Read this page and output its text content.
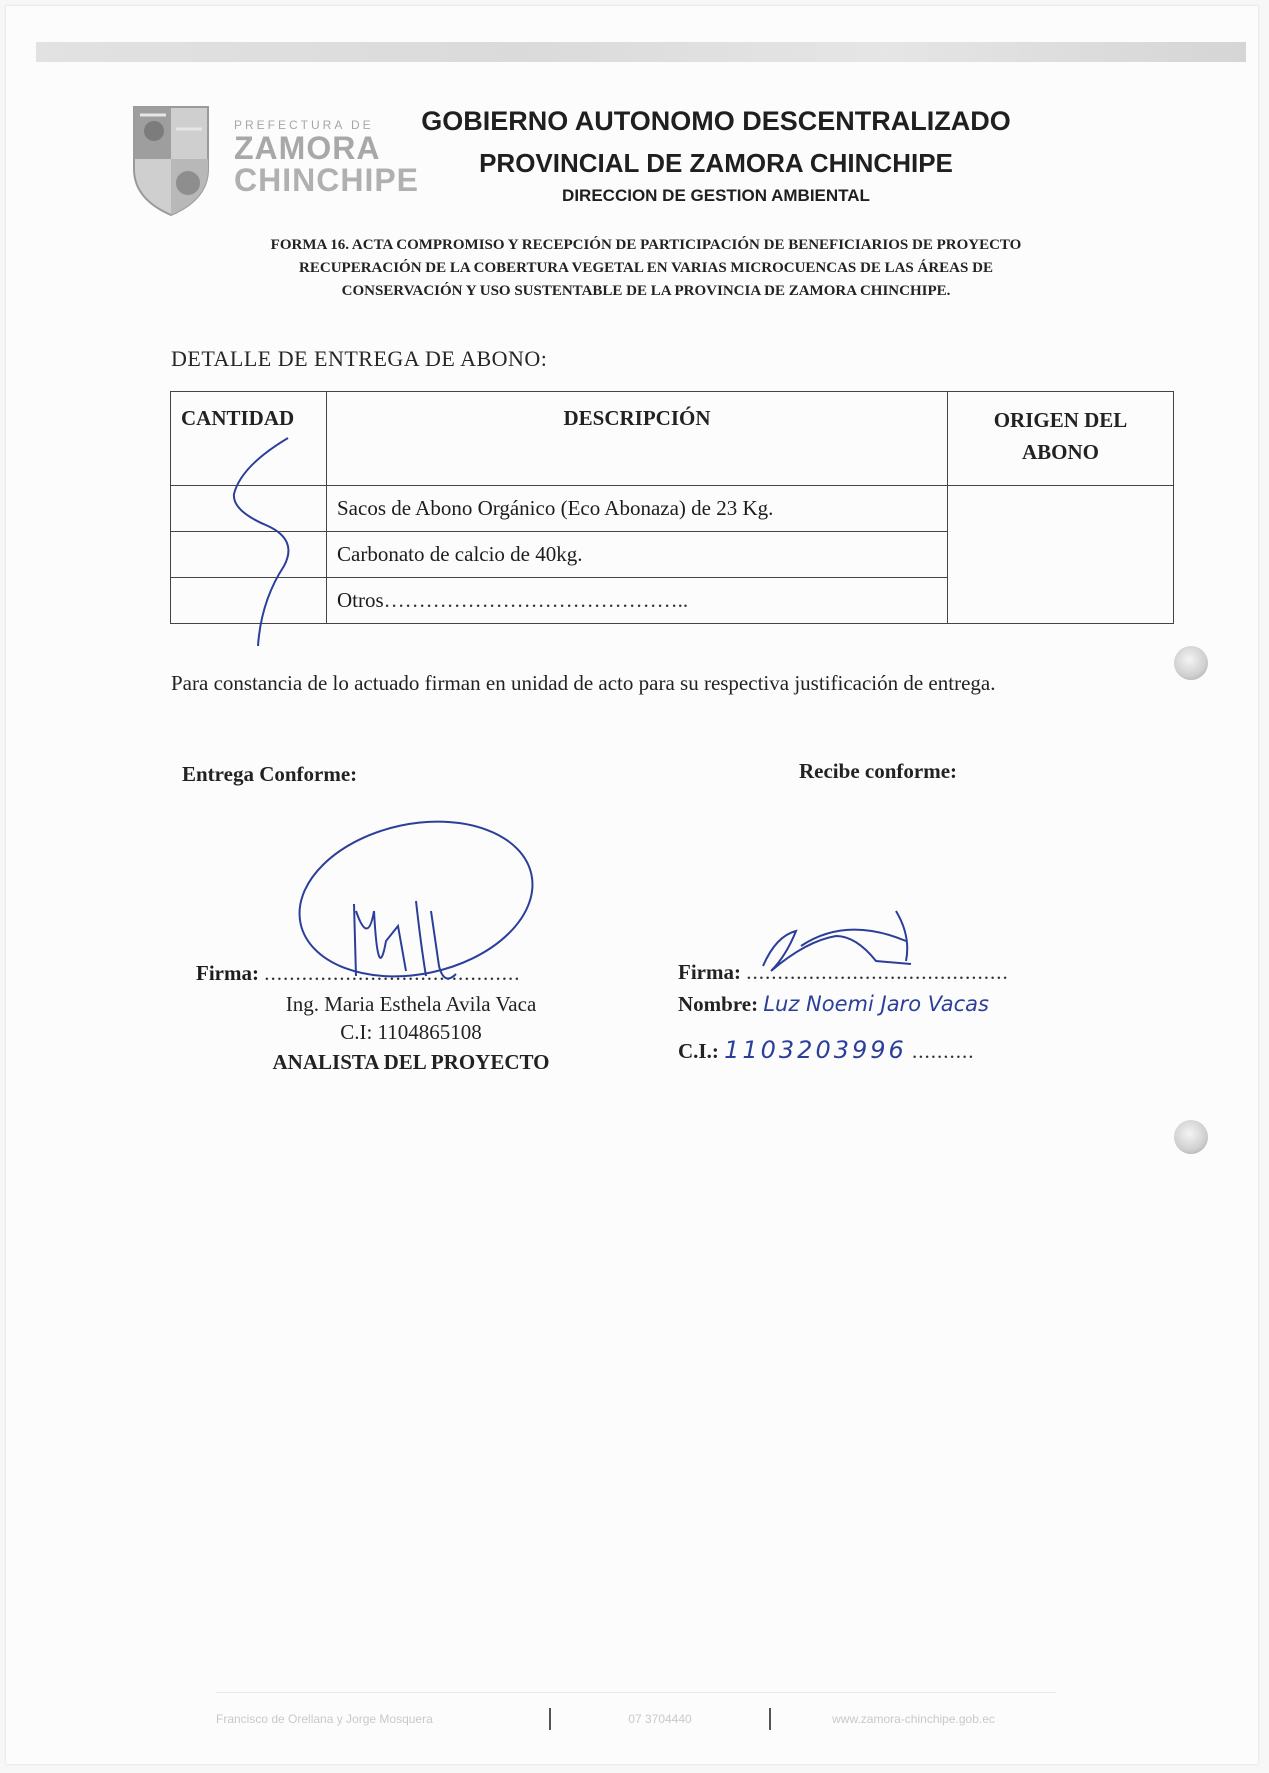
PREFECTURA DE
ZAMORA
CHINCHIPE
GOBIERNO AUTONOMO DESCENTRALIZADO
PROVINCIAL DE ZAMORA CHINCHIPE
DIRECCION DE GESTION AMBIENTAL
FORMA 16. ACTA COMPROMISO Y RECEPCIÓN DE PARTICIPACIÓN DE BENEFICIARIOS DE PROYECTO
RECUPERACIÓN DE LA COBERTURA VEGETAL EN VARIAS MICROCUENCAS DE LAS ÁREAS DE
CONSERVACIÓN Y USO SUSTENTABLE DE LA PROVINCIA DE ZAMORA CHINCHIPE.
DETALLE DE ENTREGA DE ABONO:
CANTIDAD	DESCRIPCIÓN	ORIGEN DEL
ABONO
	Sacos de Abono Orgánico (Eco Abonaza) de 23 Kg.	
	Carbonato de calcio de 40kg.	
	Otros……………………………………..	
Para constancia de lo actuado firman en unidad de acto para su respectiva justificación de entrega.
Entrega Conforme:	Recibe conforme:
Firma: .........................................
Ing. Maria Esthela Avila Vaca
C.I: 1104865108
ANALISTA DEL PROYECTO
Firma: ..........................................
Nombre: Luz Noemi Jaro Vacas
C.I.: 1103203996 ..........
Francisco de Orellana y Jorge Mosquera	07 3704440	www.zamora-chinchipe.gob.ec
